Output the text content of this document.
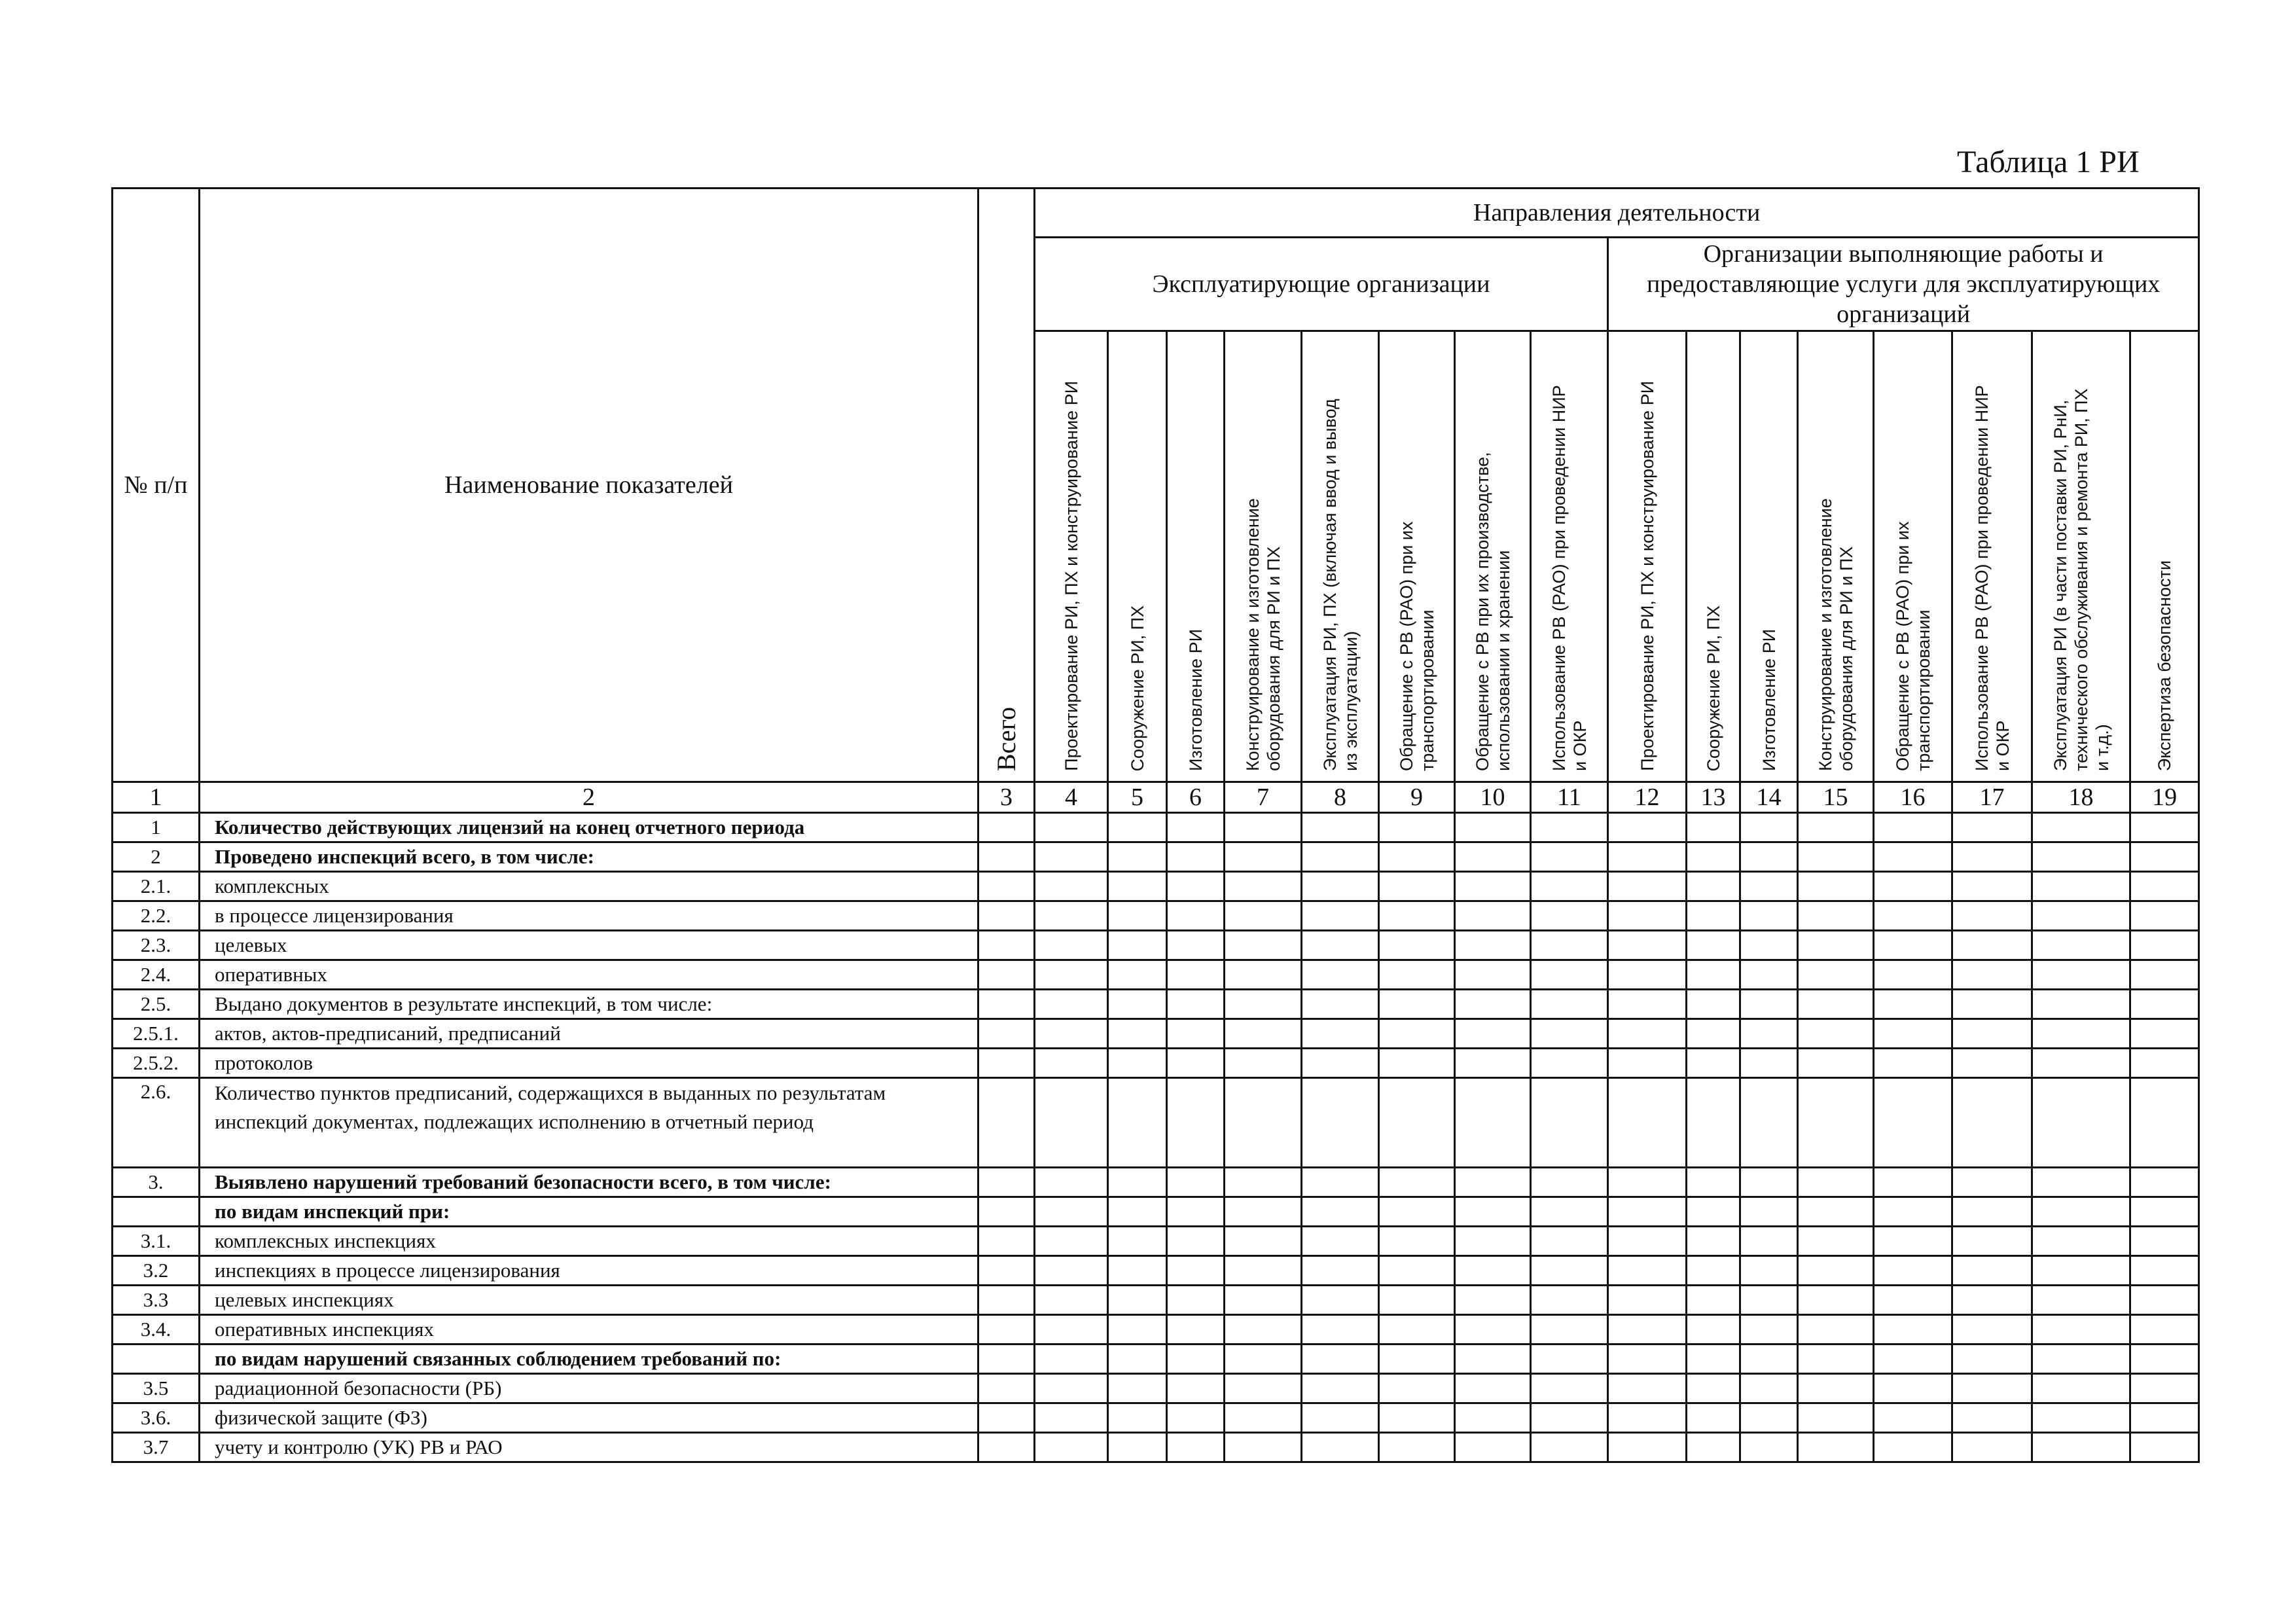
Таблица 1 РИ
№ п/п	Наименование показателей	Всего	Направления деятельности															
			Эксплуатирующие организации								Организации выполняющие работы и предоставляющие услуги для эксплуатирующих организаций							
			Проектирование РИ, ПХ и конструирование РИ	Сооружение РИ, ПХ	Изготовление РИ	Конструирование и изготовление оборудования для РИ и ПХ	Эксплуатация РИ, ПХ (включая ввод и вывод из эксплуатации)	Обращение с РВ (РАО) при их транспортировании	Обращение с РВ при их производстве, использовании и хранении	Использование РВ (РАО) при проведении НИР и ОКР	Проектирование РИ, ПХ и конструирование РИ	Сооружение РИ, ПХ	Изготовление РИ	Конструирование и изготовление оборудования для РИ и ПХ	Обращение с РВ (РАО) при их транспортировании	Использование РВ (РАО) при проведении НИР и ОКР	Эксплуатация РИ (в части поставки РИ, РнИ, технического обслуживания и ремонта РИ, ПХ и т.д.)	Экспертиза безопасности
1	2	3	4	5	6	7	8	9	10	11	12	13	14	15	16	17	18	19
1	Количество действующих лицензий на конец отчетного периода																	
2	Проведено инспекций всего, в том числе:																	
2.1.	комплексных																	
2.2.	в процессе лицензирования																	
2.3.	целевых																	
2.4.	оперативных																	
2.5.	Выдано документов в результате инспекций, в том числе:																	
2.5.1.	актов, актов-предписаний, предписаний																	
2.5.2.	протоколов																	
2.6.	Количество пунктов предписаний, содержащихся в выданных по результатам инспекций документах, подлежащих исполнению в отчетный период																	
3.	Выявлено нарушений требований безопасности всего, в том числе:																	
	по видам инспекций при:																	
3.1.	комплексных инспекциях																	
3.2	инспекциях в процессе лицензирования																	
3.3	целевых инспекциях																	
3.4.	оперативных инспекциях																	
	по видам нарушений связанных соблюдением требований по:																	
3.5	радиационной безопасности (РБ)																	
3.6.	физической защите (ФЗ)																	
3.7	учету и контролю (УК) РВ и РАО																	
